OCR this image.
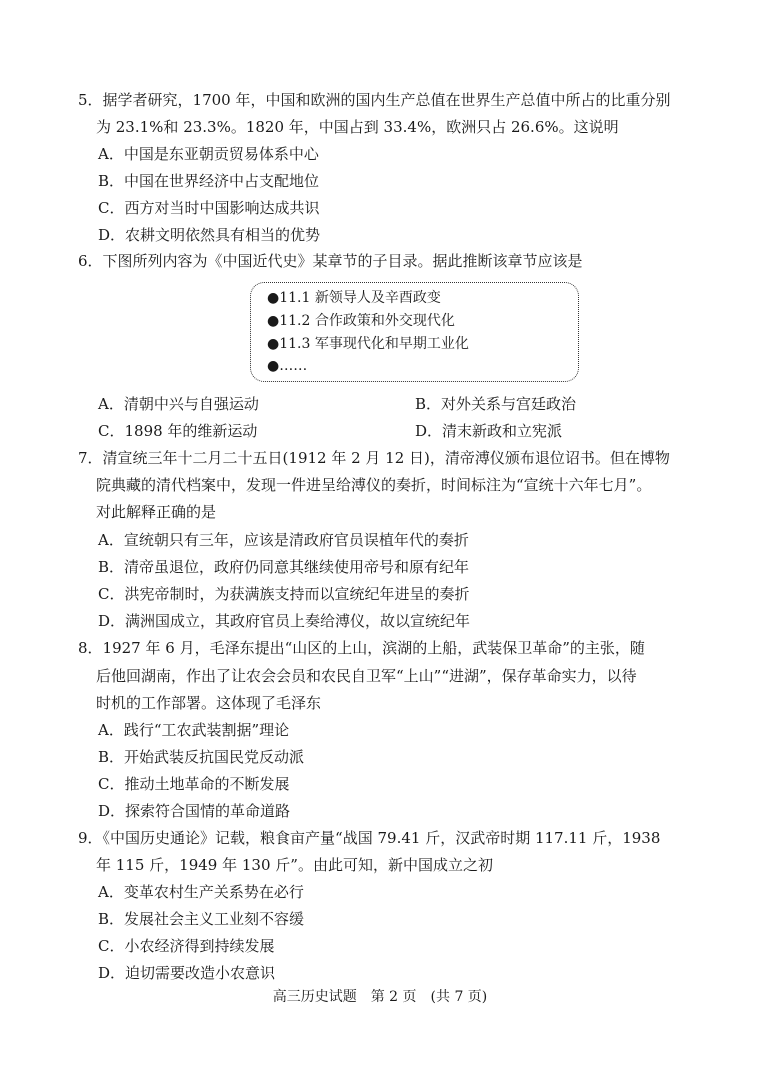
5．据学者研究，1700 年，中国和欧洲的国内生产总值在世界生产总值中所占的比重分别
为 23.1%和 23.3%。1820 年，中国占到 33.4%，欧洲只占 26.6%。这说明
A．中国是东亚朝贡贸易体系中心
B．中国在世界经济中占支配地位
C．西方对当时中国影响达成共识
D．农耕文明依然具有相当的优势
6．下图所列内容为《中国近代史》某章节的子目录。据此推断该章节应该是
●11.1 新领导人及辛酉政变
●11.2 合作政策和外交现代化
●11.3 军事现代化和早期工业化
●……
A．清朝中兴与自强运动	B．对外关系与宫廷政治
C．1898 年的维新运动	D．清末新政和立宪派
7．清宣统三年十二月二十五日(1912 年 2 月 12 日)，清帝溥仪颁布退位诏书。但在博物
院典藏的清代档案中，发现一件进呈给溥仪的奏折，时间标注为“宣统十六年七月”。
对此解释正确的是
A．宣统朝只有三年，应该是清政府官员误植年代的奏折
B．清帝虽退位，政府仍同意其继续使用帝号和原有纪年
C．洪宪帝制时，为获满族支持而以宣统纪年进呈的奏折
D．满洲国成立，其政府官员上奏给溥仪，故以宣统纪年
8．1927 年 6 月，毛泽东提出“山区的上山，滨湖的上船，武装保卫革命”的主张，随
后他回湖南，作出了让农会会员和农民自卫军“上山”“进湖”，保存革命实力，以待
时机的工作部署。这体现了毛泽东
A．践行“工农武装割据”理论
B．开始武装反抗国民党反动派
C．推动土地革命的不断发展
D．探索符合国情的革命道路
9．《中国历史通论》记载，粮食亩产量“战国 79.41 斤，汉武帝时期 117.11 斤，1938
年 115 斤，1949 年 130 斤”。由此可知，新中国成立之初
A．变革农村生产关系势在必行
B．发展社会主义工业刻不容缓
C．小农经济得到持续发展
D．迫切需要改造小农意识
高三历史试题　第 2 页　(共 7 页)
